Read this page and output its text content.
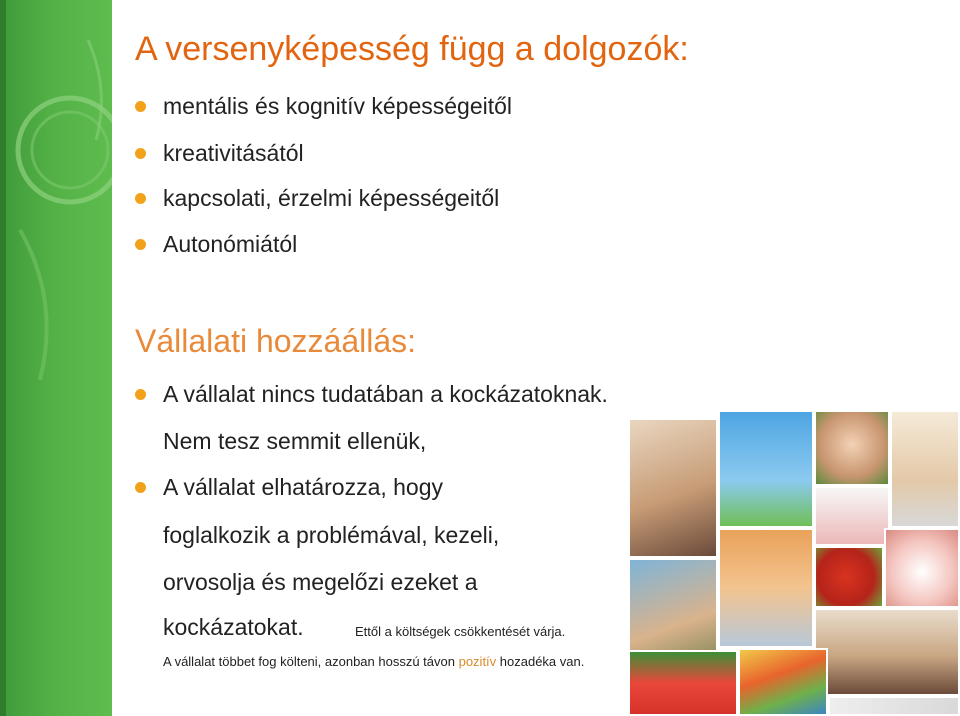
A versenyképesség függ a dolgozók:
mentális és kognitív képességeitől
kreativitásától
kapcsolati, érzelmi képességeitől
Autonómiától
Vállalati hozzáállás:
A vállalat nincs tudatában a kockázatoknak.
Nem tesz semmit ellenük,
A vállalat elhatározza, hogy
foglalkozik a problémával, kezeli,
orvosolja és megelőzi ezeket a
kockázatokat.	Ettől a költségek csökkentését várja.
A vállalat többet fog költeni, azonban hosszú távon pozitív hozadéka van.
